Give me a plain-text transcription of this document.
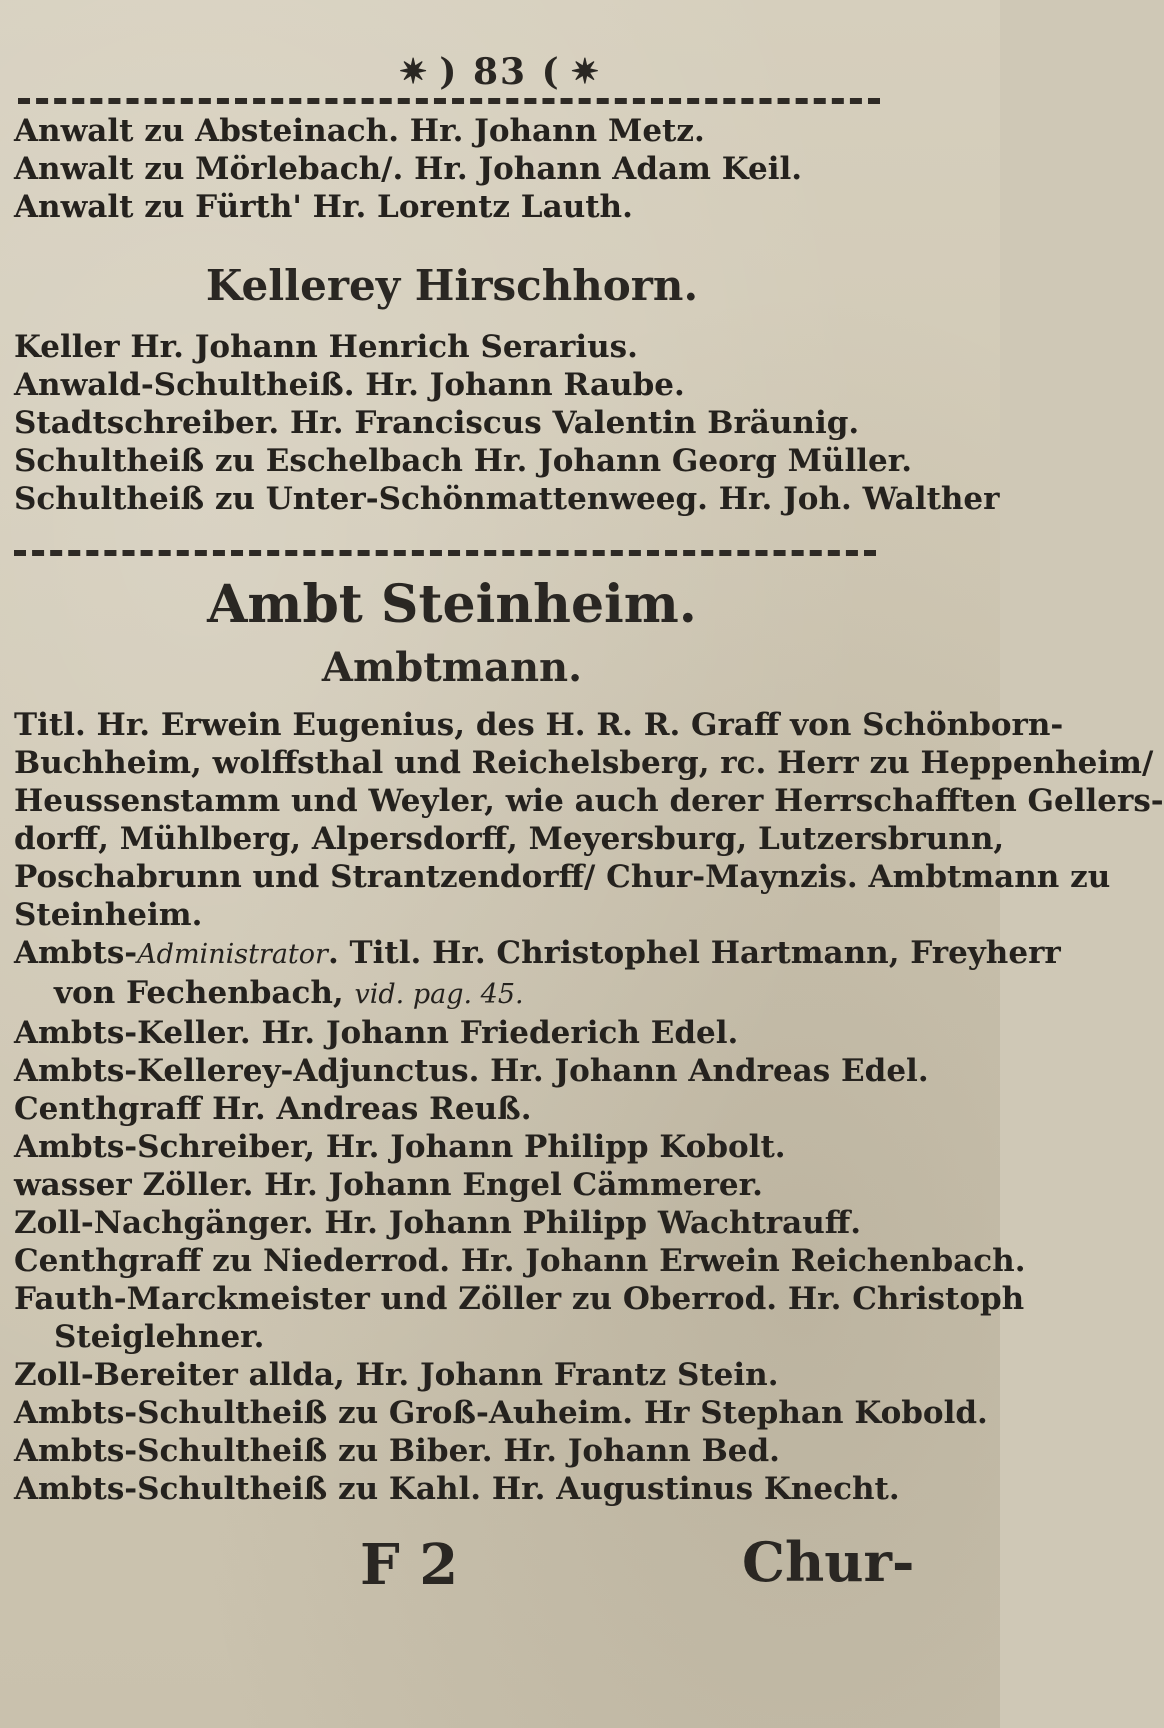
✷ ) 83 ( ✷
Anwalt zu Absteinach. Hr. Johann Metz.
Anwalt zu Mörlebach/. Hr. Johann Adam Keil.
Anwalt zu Fürth' Hr. Lorentz Lauth.
Kellerey Hirschhorn.
Keller Hr. Johann Henrich Serarius.
Anwald-Schultheiß. Hr. Johann Raube.
Stadtschreiber. Hr. Franciscus Valentin Bräunig.
Schultheiß zu Eschelbach Hr. Johann Georg Müller.
Schultheiß zu Unter-Schönmattenweeg. Hr. Joh. Walther
Ambt Steinheim.
Ambtmann.
Titl. Hr. Erwein Eugenius, des H. R. R. Graff von Schönborn-
Buchheim, wolffsthal und Reichelsberg, rc. Herr zu Heppenheim/
Heussenstamm und Weyler, wie auch derer Herrschafften Gellers-
dorff, Mühlberg, Alpersdorff, Meyersburg, Lutzersbrunn,
Poschabrunn und Strantzendorff/ Chur-Maynzis. Ambtmann zu
Steinheim.
Ambts-Administrator. Titl. Hr. Christophel Hartmann, Freyherr
von Fechenbach, vid. pag. 45.
Ambts-Keller. Hr. Johann Friederich Edel.
Ambts-Kellerey-Adjunctus. Hr. Johann Andreas Edel.
Centhgraff Hr. Andreas Reuß.
Ambts-Schreiber, Hr. Johann Philipp Kobolt.
wasser Zöller. Hr. Johann Engel Cämmerer.
Zoll-Nachgänger. Hr. Johann Philipp Wachtrauff.
Centhgraff zu Niederrod. Hr. Johann Erwein Reichenbach.
Fauth-Marckmeister und Zöller zu Oberrod. Hr. Christoph
Steiglehner.
Zoll-Bereiter allda, Hr. Johann Frantz Stein.
Ambts-Schultheiß zu Groß-Auheim. Hr Stephan Kobold.
Ambts-Schultheiß zu Biber. Hr. Johann Bed.
Ambts-Schultheiß zu Kahl. Hr. Augustinus Knecht.
F 2	Chur-
